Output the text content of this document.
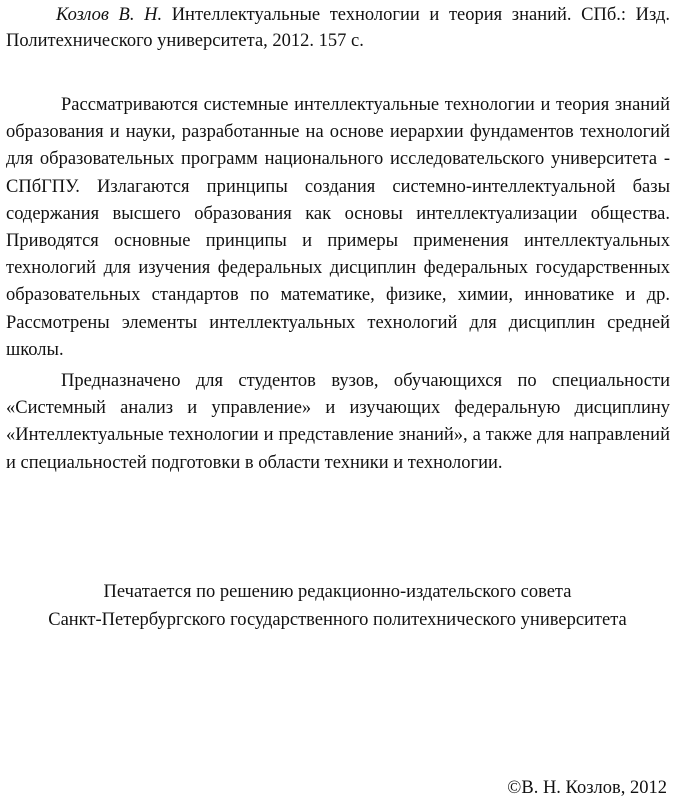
Козлов В. Н. Интеллектуальные технологии и теория знаний. СПб.: Изд. Политехнического университета, 2012. 157 с.

Рассматриваются системные интеллектуальные технологии и теория знаний образования и науки, разработанные на основе иерархии фундаментов технологий для образовательных программ национального исследовательского университета - СПбГПУ. Излагаются принципы создания системно-интеллектуальной базы содержания высшего образования как основы интеллектуализации общества. Приводятся основные принципы и примеры применения интеллектуальных технологий для изучения федеральных дисциплин федеральных государственных образовательных стандартов по математике, физике, химии, инноватике и др. Рассмотрены элементы интеллектуальных технологий для дисциплин средней школы.

Предназначено для студентов вузов, обучающихся по специальности «Системный анализ и управление» и изучающих федеральную дисциплину «Интеллектуальные технологии и представление знаний», а также для направлений и специальностей подготовки в области техники и технологии.

Печатается по решению редакционно-издательского совета
Санкт-Петербургского государственного политехнического университета
©В. Н. Козлов, 2012
